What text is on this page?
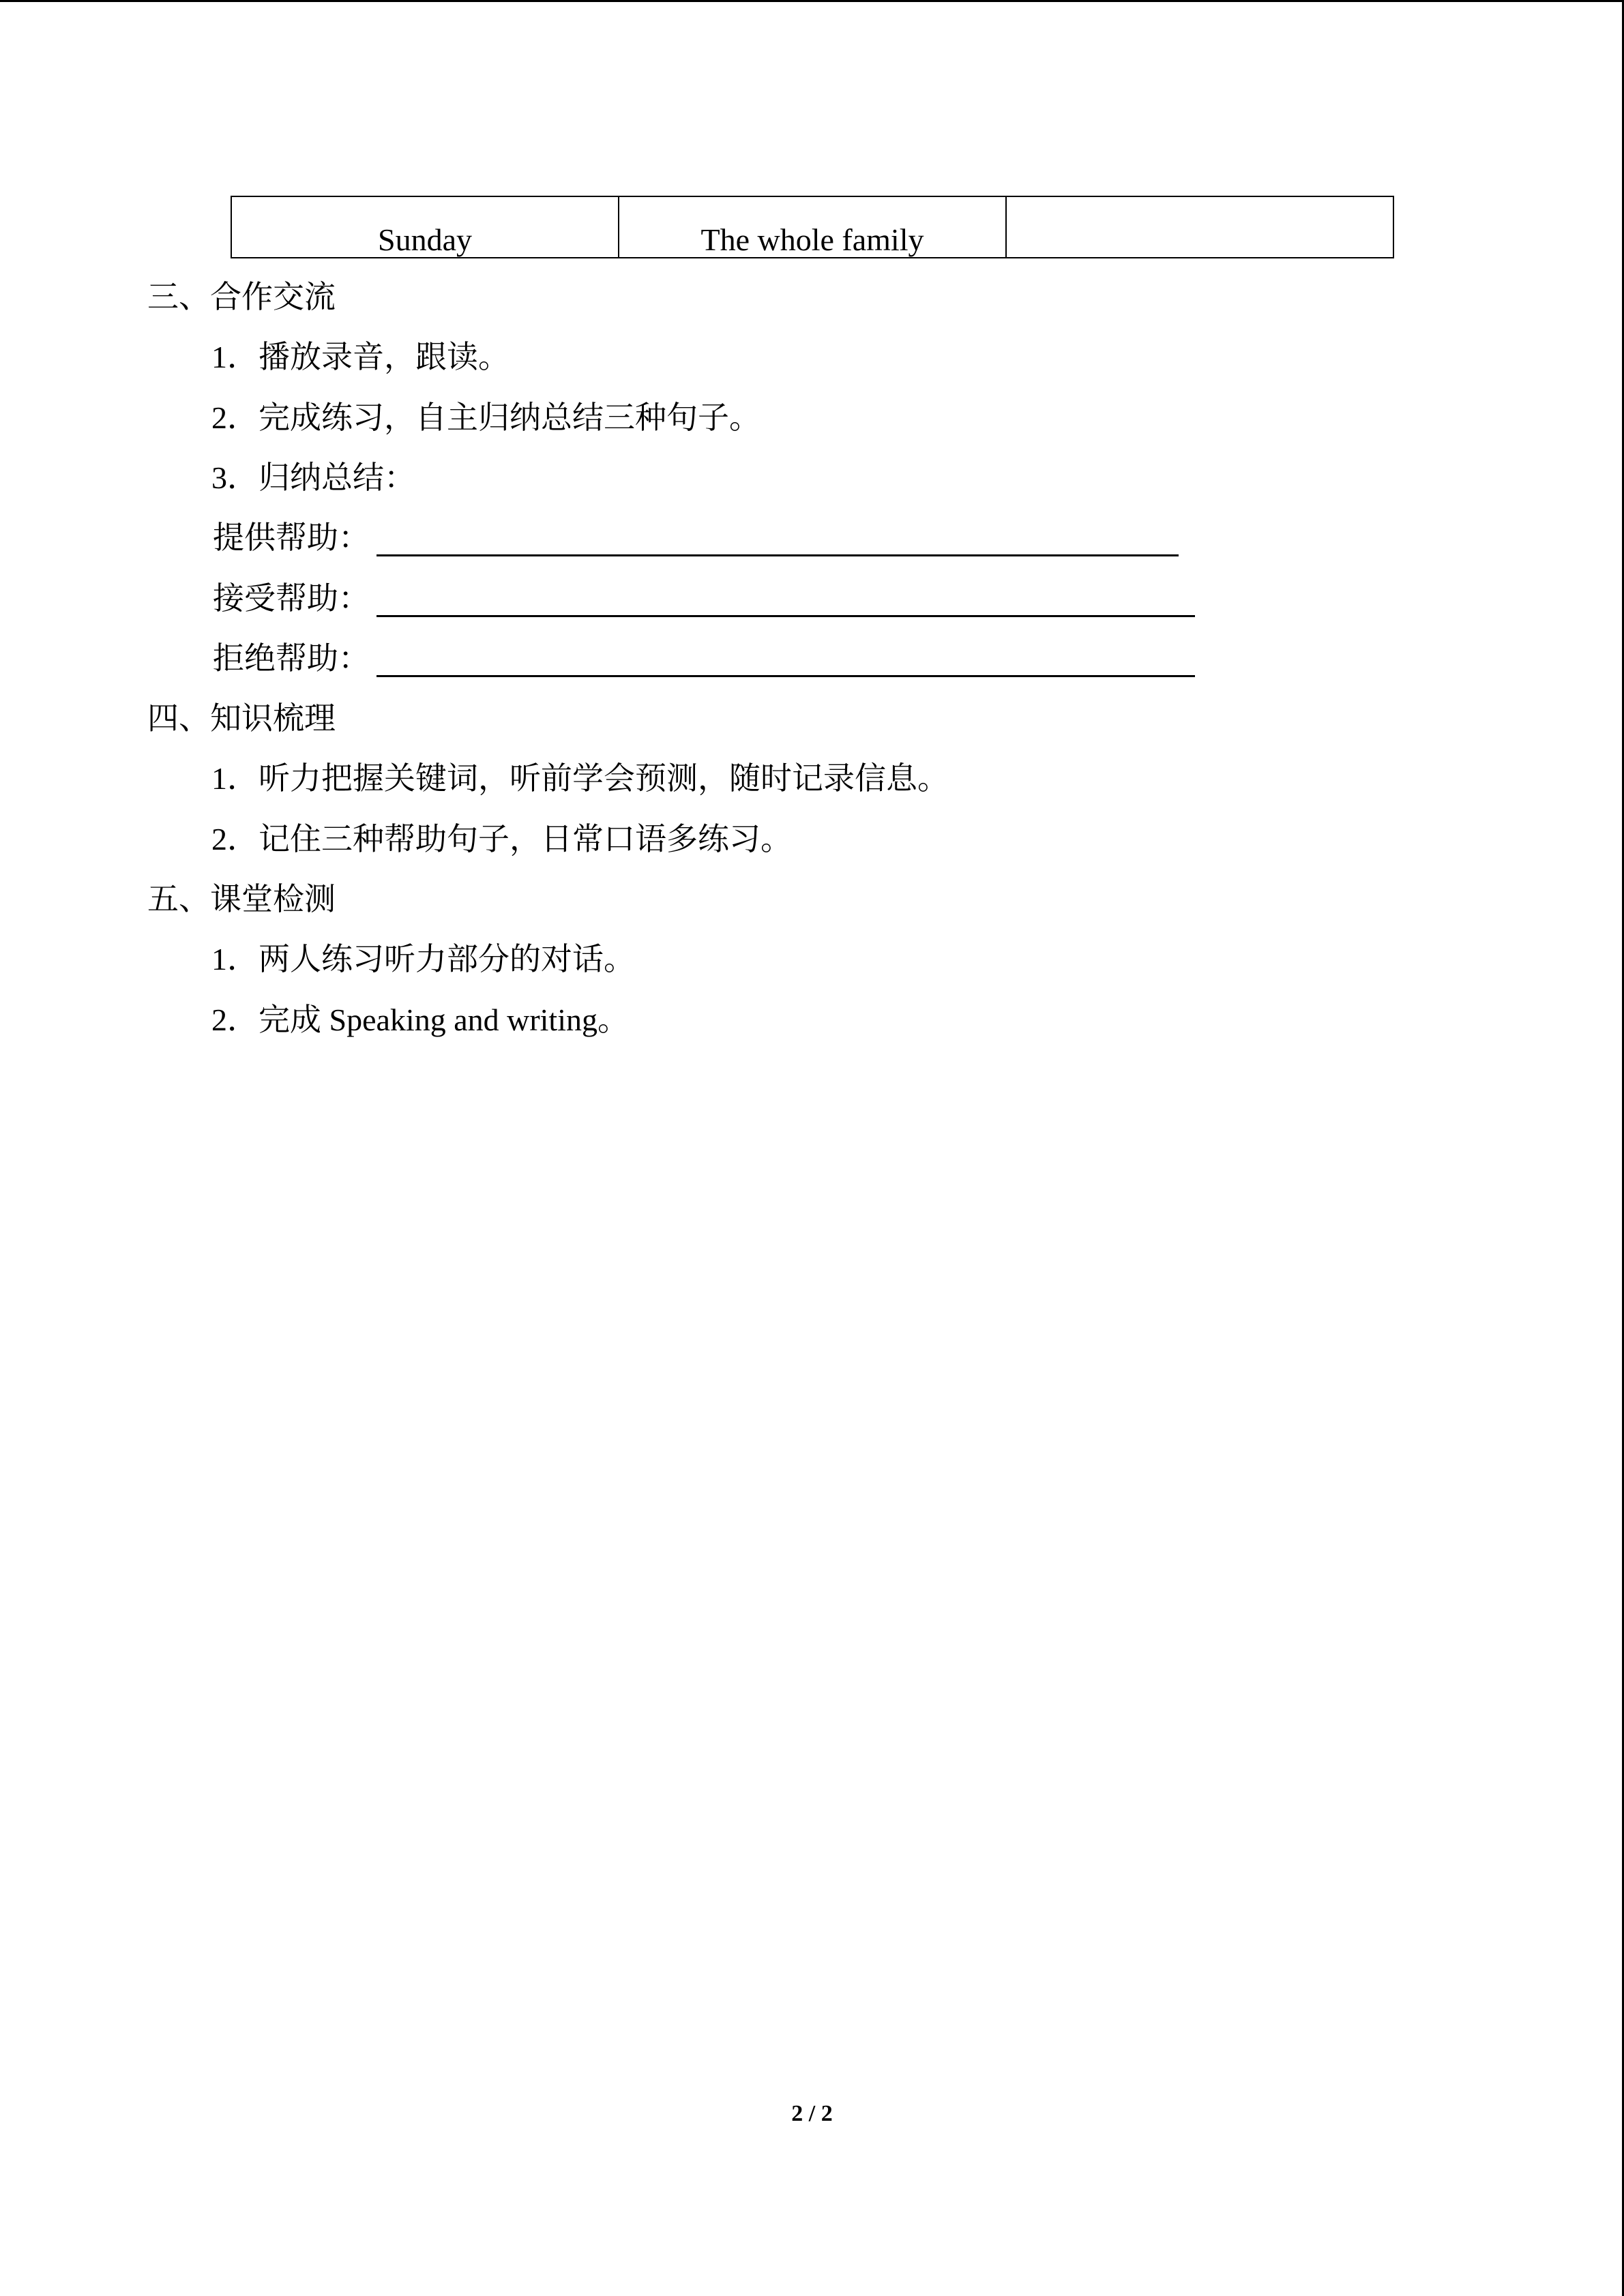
Sunday	The whole family	
三、合作交流
1．播放录音，跟读。
2．完成练习，自主归纳总结三种句子。
3．归纳总结：
提供帮助：
接受帮助：
拒绝帮助：
四、知识梳理
1．听力把握关键词，听前学会预测，随时记录信息。
2．记住三种帮助句子，日常口语多练习。
五、课堂检测
1．两人练习听力部分的对话。
2．完成 Speaking and writing。
2 / 2
